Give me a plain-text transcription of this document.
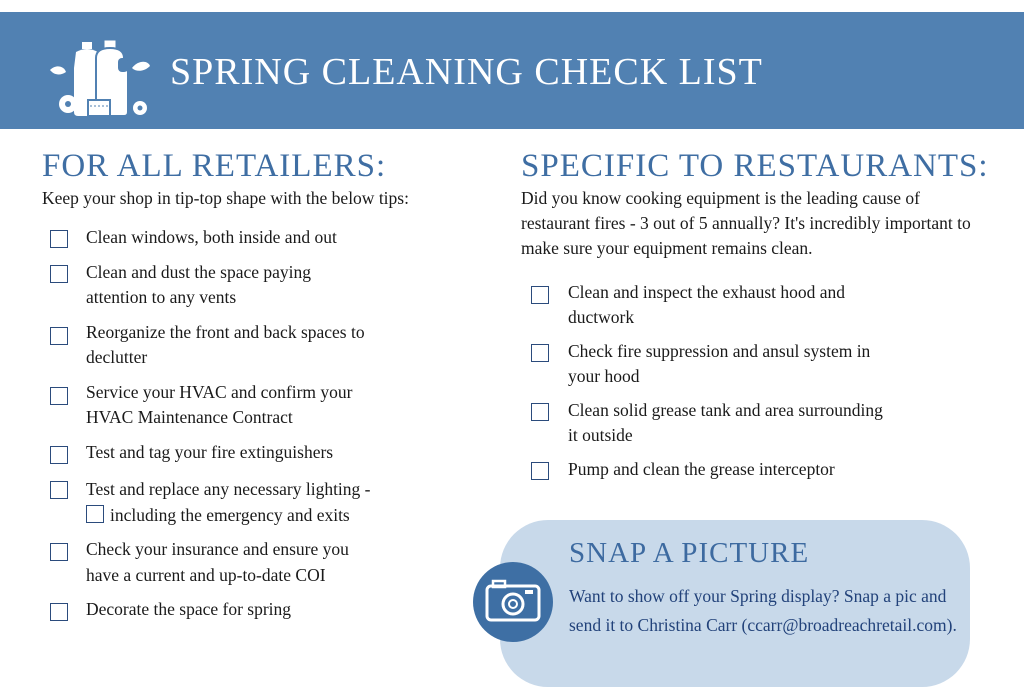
SPRING CLEANING CHECK LIST
FOR ALL RETAILERS:
Keep your shop in tip-top shape with the below tips:
Clean windows, both inside and out
Clean and dust the space paying
attention to any vents
Reorganize the front and back spaces to
declutter
Service your HVAC and confirm your
HVAC Maintenance Contract
Test and tag your fire extinguishers
Test and replace any necessary lighting -
including the emergency and exits
Check your insurance and ensure you
have a current and up-to-date COI
Decorate the space for spring
SPECIFIC TO RESTAURANTS:
Did you know cooking equipment is the leading cause of restaurant fires - 3 out of 5 annually? It's incredibly important to make sure your equipment remains clean.
Clean and inspect the exhaust hood and
ductwork
Check fire suppression and ansul system in
your hood
Clean solid grease tank and area surrounding
it outside
Pump and clean the grease interceptor
SNAP A PICTURE
Want to show off your Spring display? Snap a pic and send it to Christina Carr (ccarr@broadreachretail.com).
